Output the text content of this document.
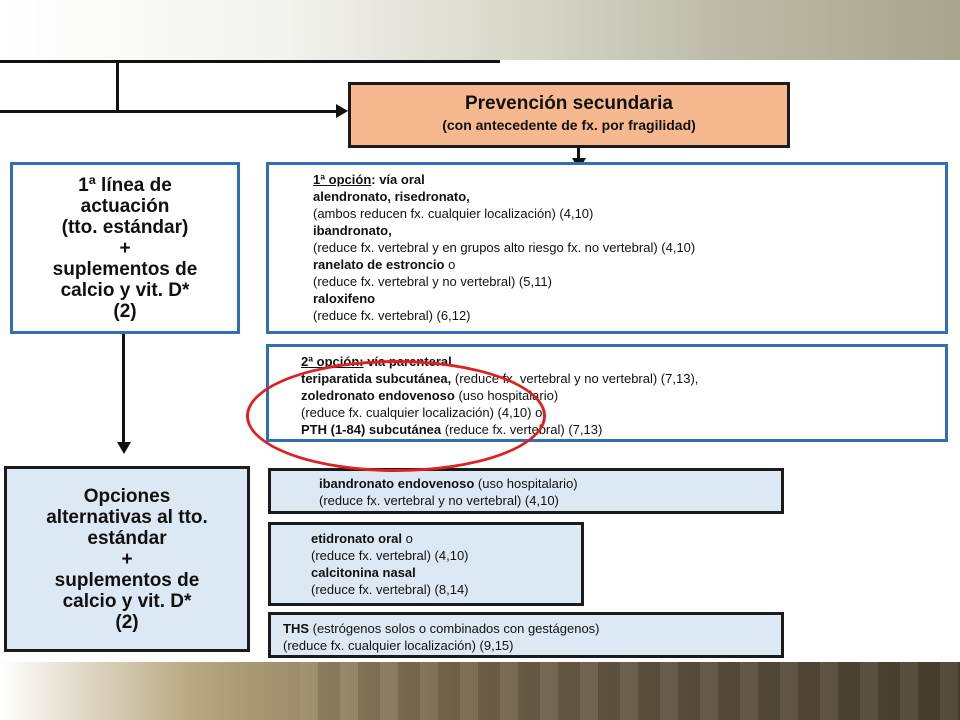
Prevención secundaria
(con antecedente de fx. por fragilidad)
1ª línea de
actuación
(tto. estándar)
+
suplementos de
calcio y vit. D*
(2)
Opciones
alternativas al tto.
estándar
+
suplementos de
calcio y vit. D*
(2)
1ª opción: vía oral
alendronato, risedronato,
(ambos reducen fx. cualquier localización) (4,10)
ibandronato,
(reduce fx. vertebral y en grupos alto riesgo fx. no vertebral) (4,10)
ranelato de estroncio o
(reduce fx. vertebral y no vertebral) (5,11)
raloxifeno
(reduce fx. vertebral) (6,12)
2ª opción: vía parenteral
teriparatida subcutánea, (reduce fx. vertebral y no vertebral) (7,13),
zoledronato endovenoso (uso hospitalario)
(reduce fx. cualquier localización) (4,10) o
PTH (1-84) subcutánea (reduce fx. vertebral) (7,13)
ibandronato endovenoso (uso hospitalario)
(reduce fx. vertebral y no vertebral) (4,10)
etidronato oral o
(reduce fx. vertebral) (4,10)
calcitonina nasal
(reduce fx. vertebral) (8,14)
THS (estrógenos solos o combinados con gestágenos)
(reduce fx. cualquier localización) (9,15)
